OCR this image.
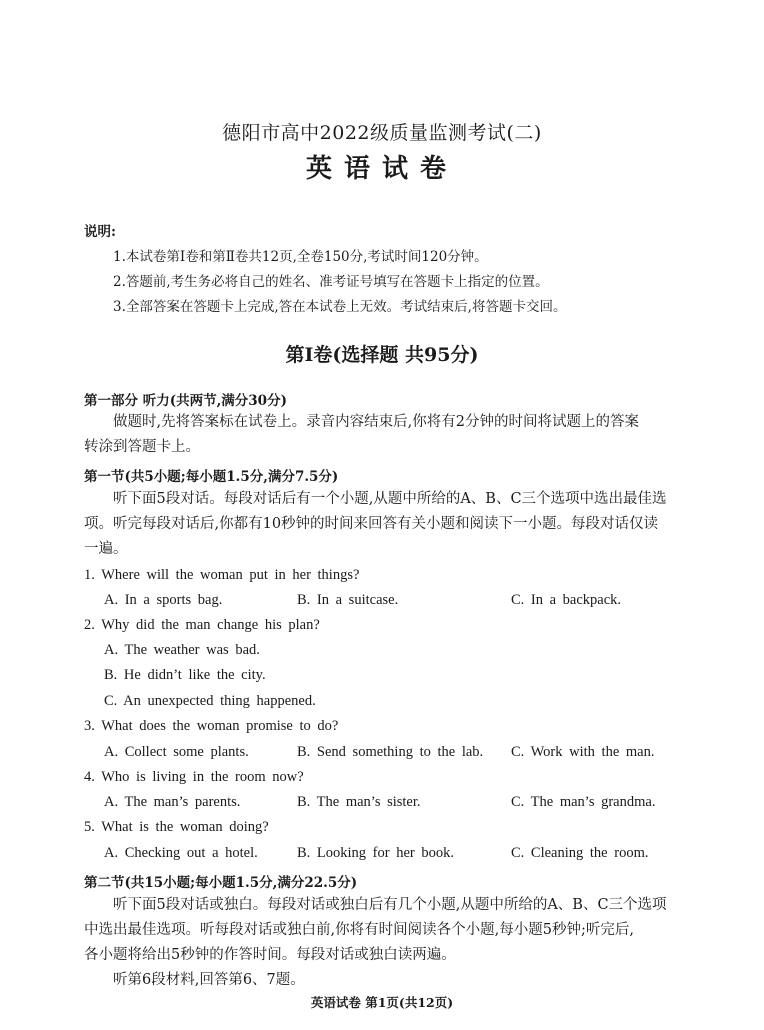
德阳市高中2022级质量监测考试(二)
英语试卷
说明:
1.本试卷第Ⅰ卷和第Ⅱ卷共12页,全卷150分,考试时间120分钟。
2.答题前,考生务必将自己的姓名、准考证号填写在答题卡上指定的位置。
3.全部答案在答题卡上完成,答在本试卷上无效。考试结束后,将答题卡交回。
第Ⅰ卷(选择题 共95分)
第一部分 听力(共两节,满分30分)
做题时,先将答案标在试卷上。录音内容结束后,你将有2分钟的时间将试题上的答案
转涂到答题卡上。
第一节(共5小题;每小题1.5分,满分7.5分)
听下面5段对话。每段对话后有一个小题,从题中所给的A、B、C三个选项中选出最佳选
项。听完每段对话后,你都有10秒钟的时间来回答有关小题和阅读下一小题。每段对话仅读
一遍。
1. Where will the woman put in her things?
A. In a sports bag.	B. In a suitcase.	C. In a backpack.
2. Why did the man change his plan?
A. The weather was bad.
B. He didn’t like the city.
C. An unexpected thing happened.
3. What does the woman promise to do?
A. Collect some plants.	B. Send something to the lab. C. Work with the man.
4. Who is living in the room now?
A. The man’s parents.	B. The man’s sister.	C. The man’s grandma.
5. What is the woman doing?
A. Checking out a hotel.	B. Looking for her book.	C. Cleaning the room.
第二节(共15小题;每小题1.5分,满分22.5分)
听下面5段对话或独白。每段对话或独白后有几个小题,从题中所给的A、B、C三个选项
中选出最佳选项。听每段对话或独白前,你将有时间阅读各个小题,每小题5秒钟;听完后,
各小题将给出5秒钟的作答时间。每段对话或独白读两遍。
听第6段材料,回答第6、7题。
英语试卷 第1页(共12页)
